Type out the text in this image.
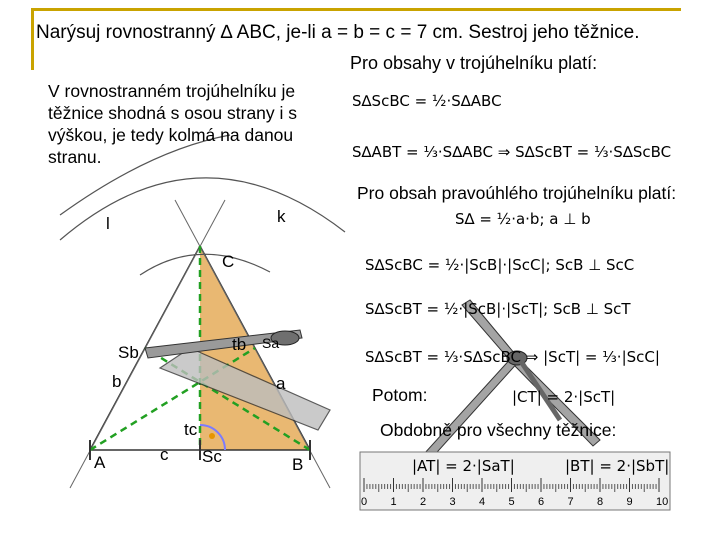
0 1 2 3 4 5 6 7 8 9 10
Narýsuj rovnostranný ∆ ABC, je-li a = b = c = 7 cm. Sestroj jeho těžnice.
Pro obsahy v trojúhelníku platí:
V rovnostranném trojúhelníku je těžnice shodná s osou strany i s výškou, je tedy kolmá na danou stranu.
Pro obsah pravoúhlého trojúhelníku platí:
Potom:
Obdobně pro všechny těžnice:
S∆ScBC = ½·S∆ABC
S∆ABT = ⅓·S∆ABC ⇒ S∆ScBT = ⅓·S∆ScBC
S∆ = ½·a·b; a ⊥ b
S∆ScBC = ½·|ScB|·|ScC|; ScB ⊥ ScC
S∆ScBT = ½·|ScB|·|ScT|; ScB ⊥ ScT
S∆ScBT = ⅓·S∆ScBC ⇒ |ScT| = ⅓·|ScC|
|CT| = 2·|ScT|
|AT| = 2·|SaT|	|BT| = 2·|SbT|
A	B
C
Sc
Sb	Sa
tc
tb
a
b
c
k
l
